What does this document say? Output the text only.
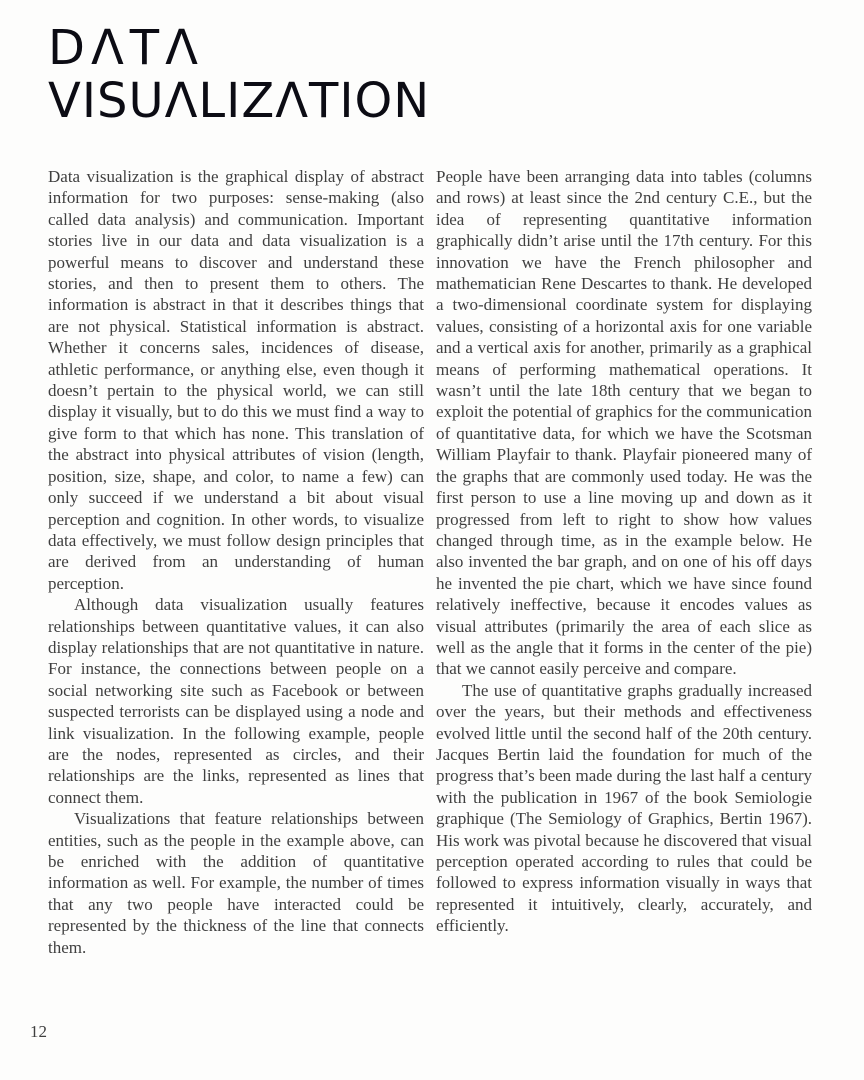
DΛTΛ
VISUΛLIZΛTION

Data visualization is the graphical display of abstract information for two purposes: sense-making (also called data analysis) and communication. Important stories live in our data and data visualization is a powerful means to discover and understand these stories, and then to present them to others. The information is abstract in that it describes things that are not physical. Statistical information is abstract. Whether it concerns sales, incidences of disease, athletic performance, or anything else, even though it doesn’t pertain to the physical world, we can still display it visually, but to do this we must find a way to give form to that which has none. This translation of the abstract into physical attributes of vision (length, position, size, shape, and color, to name a few) can only succeed if we understand a bit about visual perception and cognition. In other words, to visualize data effectively, we must follow design principles that are derived from an understanding of human perception.

Although data visualization usually features relationships between quantitative values, it can also display relationships that are not quantitative in nature. For instance, the connections between people on a social networking site such as Facebook or between suspected terrorists can be displayed using a node and link visualization. In the following example, people are the nodes, represented as circles, and their relationships are the links, represented as lines that connect them.

Visualizations that feature relationships between entities, such as the people in the example above, can be enriched with the addition of quantitative information as well. For example, the number of times that any two people have interacted could be represented by the thickness of the line that connects them.

People have been arranging data into tables (columns and rows) at least since the 2nd century C.E., but the idea of representing quantitative information graphically didn’t arise until the 17th century. For this innovation we have the French philosopher and mathematician Rene Descartes to thank. He developed a two-dimensional coordinate system for displaying values, consisting of a horizontal axis for one variable and a vertical axis for another, primarily as a graphical means of performing mathematical operations. It wasn’t until the late 18th century that we began to exploit the potential of graphics for the communication of quantitative data, for which we have the Scotsman William Playfair to thank. Playfair pioneered many of the graphs that are commonly used today. He was the first person to use a line moving up and down as it progressed from left to right to show how values changed through time, as in the example below. He also invented the bar graph, and on one of his off days he invented the pie chart, which we have since found relatively ineffective, because it encodes values as visual attributes (primarily the area of each slice as well as the angle that it forms in the center of the pie) that we cannot easily perceive and compare.

The use of quantitative graphs gradually increased over the years, but their methods and effectiveness evolved little until the second half of the 20th century. Jacques Bertin laid the foundation for much of the progress that’s been made during the last half a century with the publication in 1967 of the book Semiologie graphique (The Semiology of Graphics, Bertin 1967). His work was pivotal because he discovered that visual perception operated according to rules that could be followed to express information visually in ways that represented it intuitively, clearly, accurately, and efficiently.

12
